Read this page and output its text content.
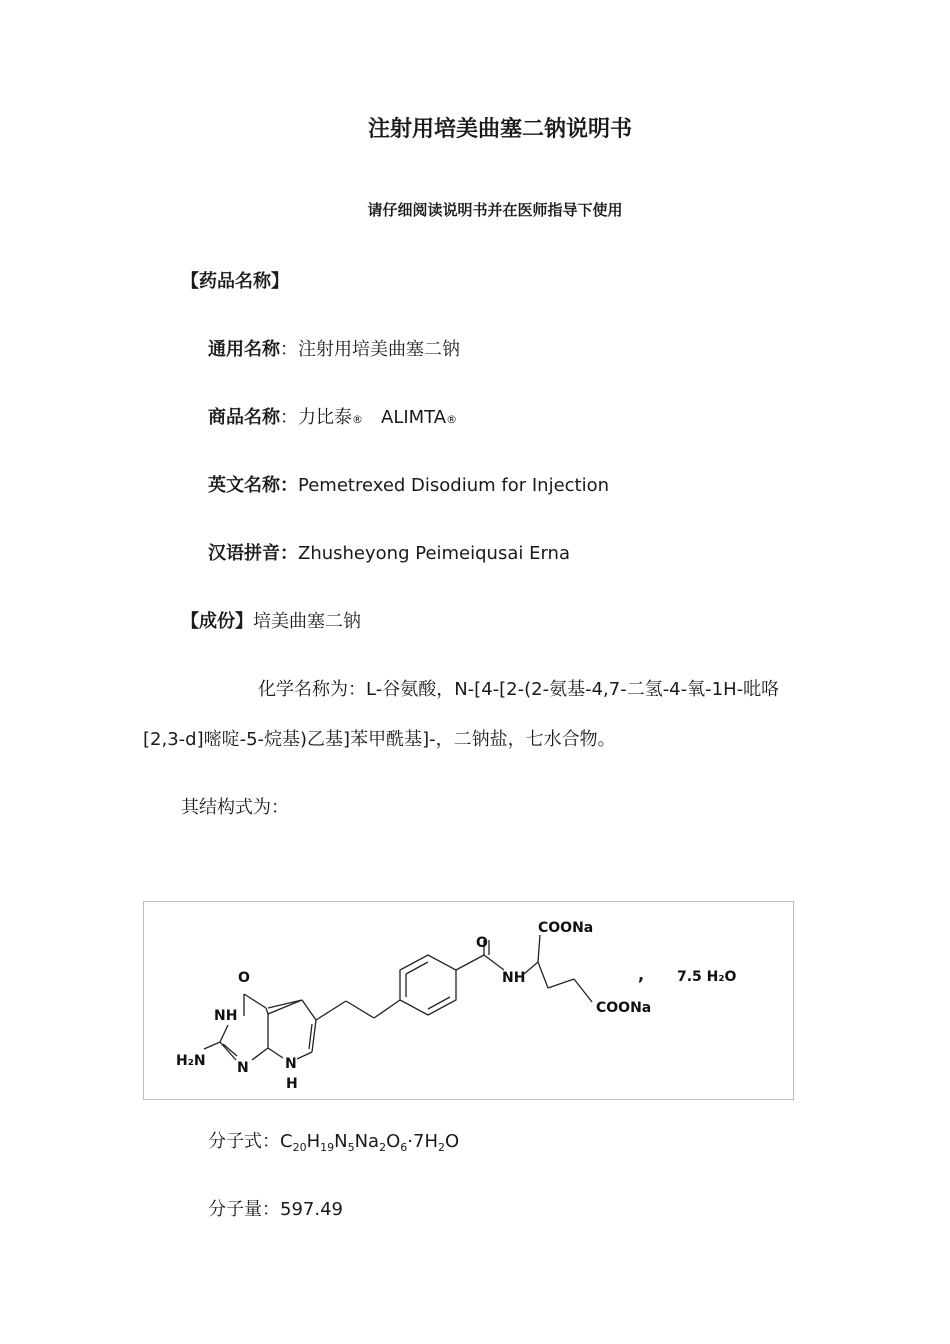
注射用培美曲塞二钠说明书
请仔细阅读说明书并在医师指导下使用
【药品名称】
通用名称：注射用培美曲塞二钠
商品名称：力比泰® ALIMTA®
英文名称：Pemetrexed Disodium for Injection
汉语拼音：Zhusheyong Peimeiqusai Erna
【成份】培美曲塞二钠
化学名称为：L-谷氨酸，N-[4-[2-(2-氨基-4,7-二氢-4-氧-1H-吡咯
[2,3-d]嘧啶-5-烷基)乙基]苯甲酰基]-，二钠盐，七水合物。
其结构式为：
O
NH
H₂N N	N
H
O
NH
COONa
COONa
, 7.5 H₂O
分子式：$C_{20}H_{19}N_5Na_2O_6\cdot 7H_2O$
分子量：597.49
